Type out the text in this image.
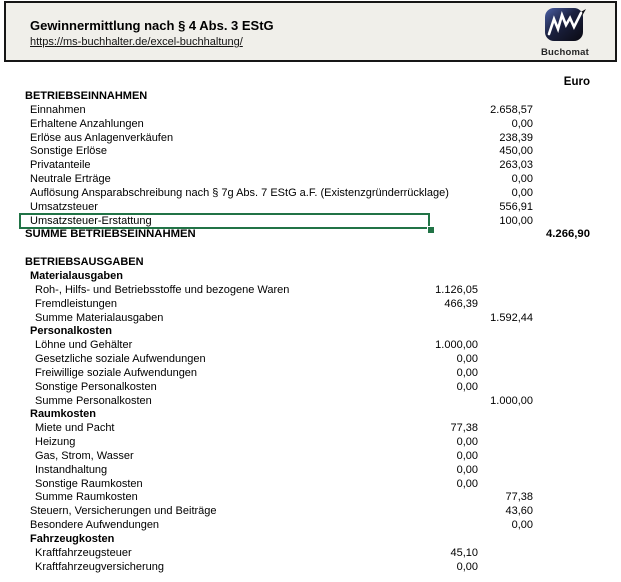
Gewinnermittlung nach § 4 Abs. 3 EStG
https://ms-buchhalter.de/excel-buchhaltung/
Buchomat
Euro
BETRIEBSEINNAHMEN
Einnahmen	2.658,57
Erhaltene Anzahlungen	0,00
Erlöse aus Anlagenverkäufen	238,39
Sonstige Erlöse	450,00
Privatanteile	263,03
Neutrale Erträge	0,00
Auflösung Ansparabschreibung nach § 7g Abs. 7 EStG a.F. (Existenzgründerrücklage)	0,00
Umsatzsteuer	556,91
Umsatzsteuer-Erstattung	100,00
SUMME BETRIEBSEINNAHMEN	4.266,90
BETRIEBSAUSGABEN
Materialausgaben
Roh-, Hilfs- und Betriebsstoffe und bezogene Waren	1.126,05
Fremdleistungen	466,39
Summe Materialausgaben	1.592,44
Personalkosten
Löhne und Gehälter	1.000,00
Gesetzliche soziale Aufwendungen	0,00
Freiwillige soziale Aufwendungen	0,00
Sonstige Personalkosten	0,00
Summe Personalkosten	1.000,00
Raumkosten
Miete und Pacht	77,38
Heizung	0,00
Gas, Strom, Wasser	0,00
Instandhaltung	0,00
Sonstige Raumkosten	0,00
Summe Raumkosten	77,38
Steuern, Versicherungen und Beiträge	43,60
Besondere Aufwendungen	0,00
Fahrzeugkosten
Kraftfahrzeugsteuer	45,10
Kraftfahrzeugversicherung	0,00
